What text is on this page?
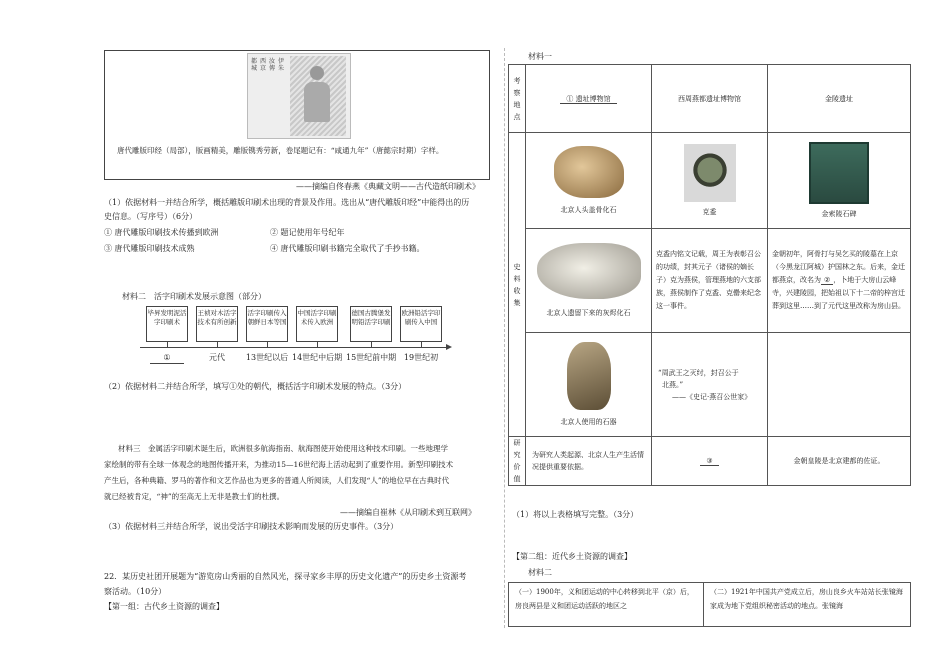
都城
西京
汝傳
伊朱
唐代雕版印经（局部），版画精美，雕版镌秀劳新，卷尾题记有：“咸通九年”（唐懿宗时期）字样。
——摘编自佟春燕《典藏文明——古代造纸印刷术》
（1）依据材料一并结合所学，概括雕版印刷术出现的背景及作用。选出从“唐代雕版印经”中能得出的历
史信息。（写序号）（6分）
① 唐代雕版印刷技术传播到欧洲	② 题记使用年号纪年
③ 唐代雕版印刷技术成熟	④ 唐代雕版印刷书籍完全取代了手抄书籍。
材料二　活字印刷术发展示意图（部分）
毕昇发明泥活字印刷术
王祯对木活字技术有所创新
活字印刷传入朝鲜日本等国
中国活字印刷术传入欧洲
德国古腾堡发明铅活字印刷
欧洲铅活字印刷传入中国
①	元代	13世纪以后 14世纪中后期 15世纪前中期 19世纪初
（2）依据材料二并结合所学，填写①处的朝代，概括活字印刷术发展的特点。（3分）
材料三　金属活字印刷术诞生后，欧洲很多航海指南、航海图使开始使用这种技术印刷。一些地理学
家绘制的带有全球一体观念的地图传播开来，为推动15—16世纪海上活动起到了重要作用。新型印刷技术
产生后，各种典籍、罗马的著作和文艺作品也为更多的普通人所阅读，人们发现“人”的地位早在古典时代
就已经被肯定，“神”的至高无上无非是教士们的杜撰。
——摘编自崔林《从印刷术到互联网》
（3）依据材料三并结合所学，说出受活字印刷技术影响而发展的历史事件。（3分）
22．某历史社团开展题为“游览房山秀丽的自然风光，探寻家乡丰厚的历史文化遗产”的历史乡土资源考
察活动。（10分）
【第一组：古代乡土资源的调查】
材料一
考察地点	① 遗址博物馆	西周燕都遗址博物馆	金陵遗址

史料收集	北京人头盖骨化石	克盉	金索陵石碑

	北京人遗留下来的灰烬化石	克盉内铭文记载，周王为表彰召公的功绩，封其元子（诸侯的嫡长子）克为燕侯，管理燕地的六支部族，燕侯制作了克盉、克罍来纪念这一事件。	金朝初年，阿骨打与吴乞买的陵墓在上京（今黑龙江阿城）护国林之东。后来，金迁都燕京，改名为 ② ，卜地于大房山云峰寺，兴建陵园，把始祖以下十二帝的梓宫迁葬到这里……到了元代这里改称为房山县。

	北京人使用的石器	“周武王之灭纣，封召公于
北燕。”
——《史记·燕召公世家》	

研究价值	为研究人类起源、北京人生产生活情况提供重要依据。	③	金朝皇陵是北京建都的佐证。
（1）将以上表格填写完整。（3分）
【第二组：近代乡土资源的调查】
材料二
（一）1900年，义和团运动的中心转移到北平（京）后，房良两县是义和团运动活跃的地区之	（二）1921年中国共产党成立后，房山良乡火车站站长张镜海家成为地下党组织秘密活动的地点。张镜海
